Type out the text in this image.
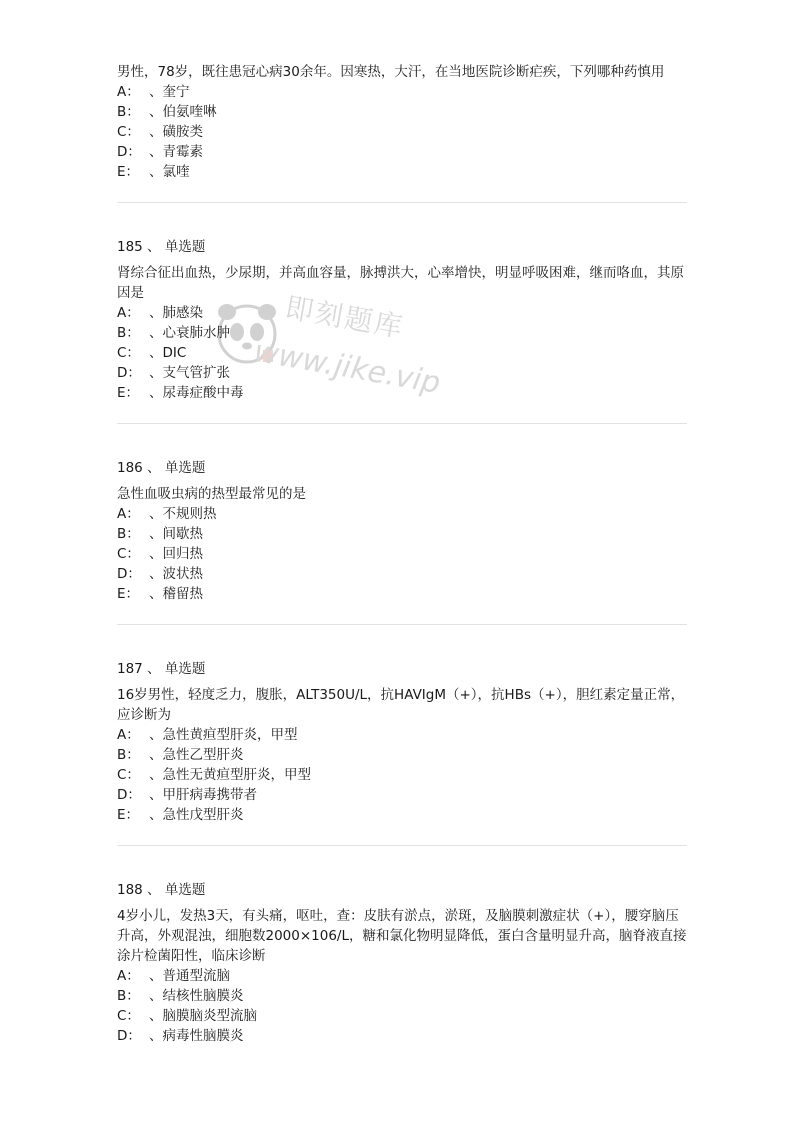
男性，78岁，既往患冠心病30余年。因寒热，大汗，在当地医院诊断疟疾，下列哪种药慎用
A： 、奎宁
B： 、伯氨喹啉
C： 、磺胺类
D： 、青霉素
E： 、氯喹
185 、 单选题
肾综合征出血热，少尿期，并高血容量，脉搏洪大，心率增快，明显呼吸困难，继而咯血，其原因是
A： 、肺感染
B： 、心衰肺水肿
C： 、DIC
D： 、支气管扩张
E： 、尿毒症酸中毒
186 、 单选题
急性血吸虫病的热型最常见的是
A： 、不规则热
B： 、间歇热
C： 、回归热
D： 、波状热
E： 、稽留热
187 、 单选题
16岁男性，轻度乏力，腹胀，ALT350U/L，抗HAVIgM（+），抗HBs（+），胆红素定量正常，应诊断为
A： 、急性黄疸型肝炎，甲型
B： 、急性乙型肝炎
C： 、急性无黄疸型肝炎，甲型
D： 、甲肝病毒携带者
E： 、急性戊型肝炎
188 、 单选题
4岁小儿，发热3天，有头痛，呕吐，查：皮肤有淤点，淤斑，及脑膜刺激症状（+），腰穿脑压升高，外观混浊，细胞数2000×106/L，糖和氯化物明显降低，蛋白含量明显升高，脑脊液直接涂片检菌阳性，临床诊断
A： 、普通型流脑
B： 、结核性脑膜炎
C： 、脑膜脑炎型流脑
D： 、病毒性脑膜炎
即刻题库
www.jike.vip
